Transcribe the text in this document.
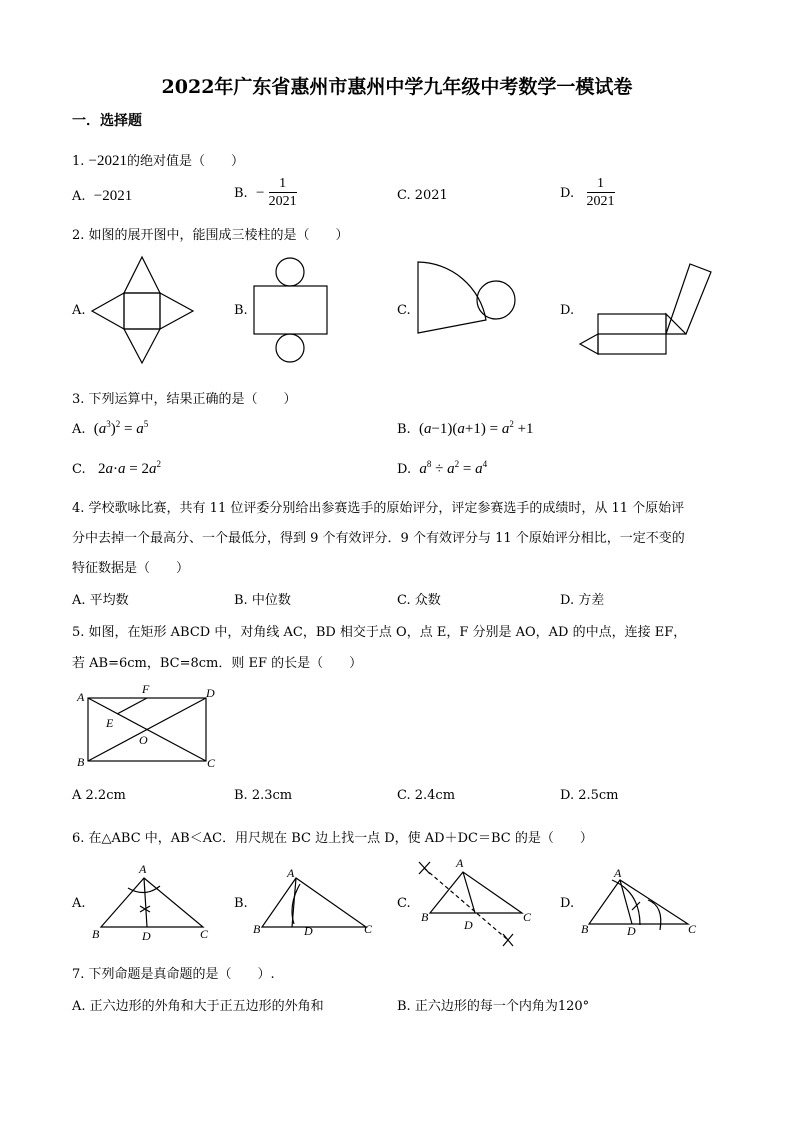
2022年广东省惠州市惠州中学九年级中考数学一模试卷
一．选择题
1. −2021的绝对值是（　　）
A. −2021	B. − $\frac{1}{2021}$	C. 2021	D. $\frac{1}{2021}$
2. 如图的展开图中，能围成三棱柱的是（　　）
A.	B.	C.	D.
3. 下列运算中，结果正确的是（　　）
A. $(a^3)^2 = a^5$	B. $(a-1)(a+1) = a^2 +1$
C. $2a\cdot a = 2a^2$	D. $a^8 \div a^2 = a^4$
4. 学校歌咏比赛，共有 11 位评委分别给出参赛选手的原始评分，评定参赛选手的成绩时，从 11 个原始评
分中去掉一个最高分、一个最低分，得到 9 个有效评分．9 个有效评分与 11 个原始评分相比，一定不变的
特征数据是（　　）
A. 平均数	B. 中位数	C. 众数	D. 方差
5. 如图，在矩形 ABCD 中，对角线 AC，BD 相交于点 O，点 E，F 分别是 AO，AD 的中点，连接 EF，
若 AB=6cm，BC=8cm．则 EF 的长是（　　）
A
F	D
E
O
B	C
A 2.2cm	B. 2.3cm	C. 2.4cm	D. 2.5cm
6. 在△ABC 中，AB＜AC．用尺规在 BC 边上找一点 D，使 AD＋DC＝BC 的是（　　）
A.	B.	C.	D.
A
B	D	C
A
B	D	C
A
B
D
C
A
B	D	C
7. 下列命题是真命题的是（　　）.
A. 正六边形的外角和大于正五边形的外角和	B. 正六边形的每一个内角为120°
